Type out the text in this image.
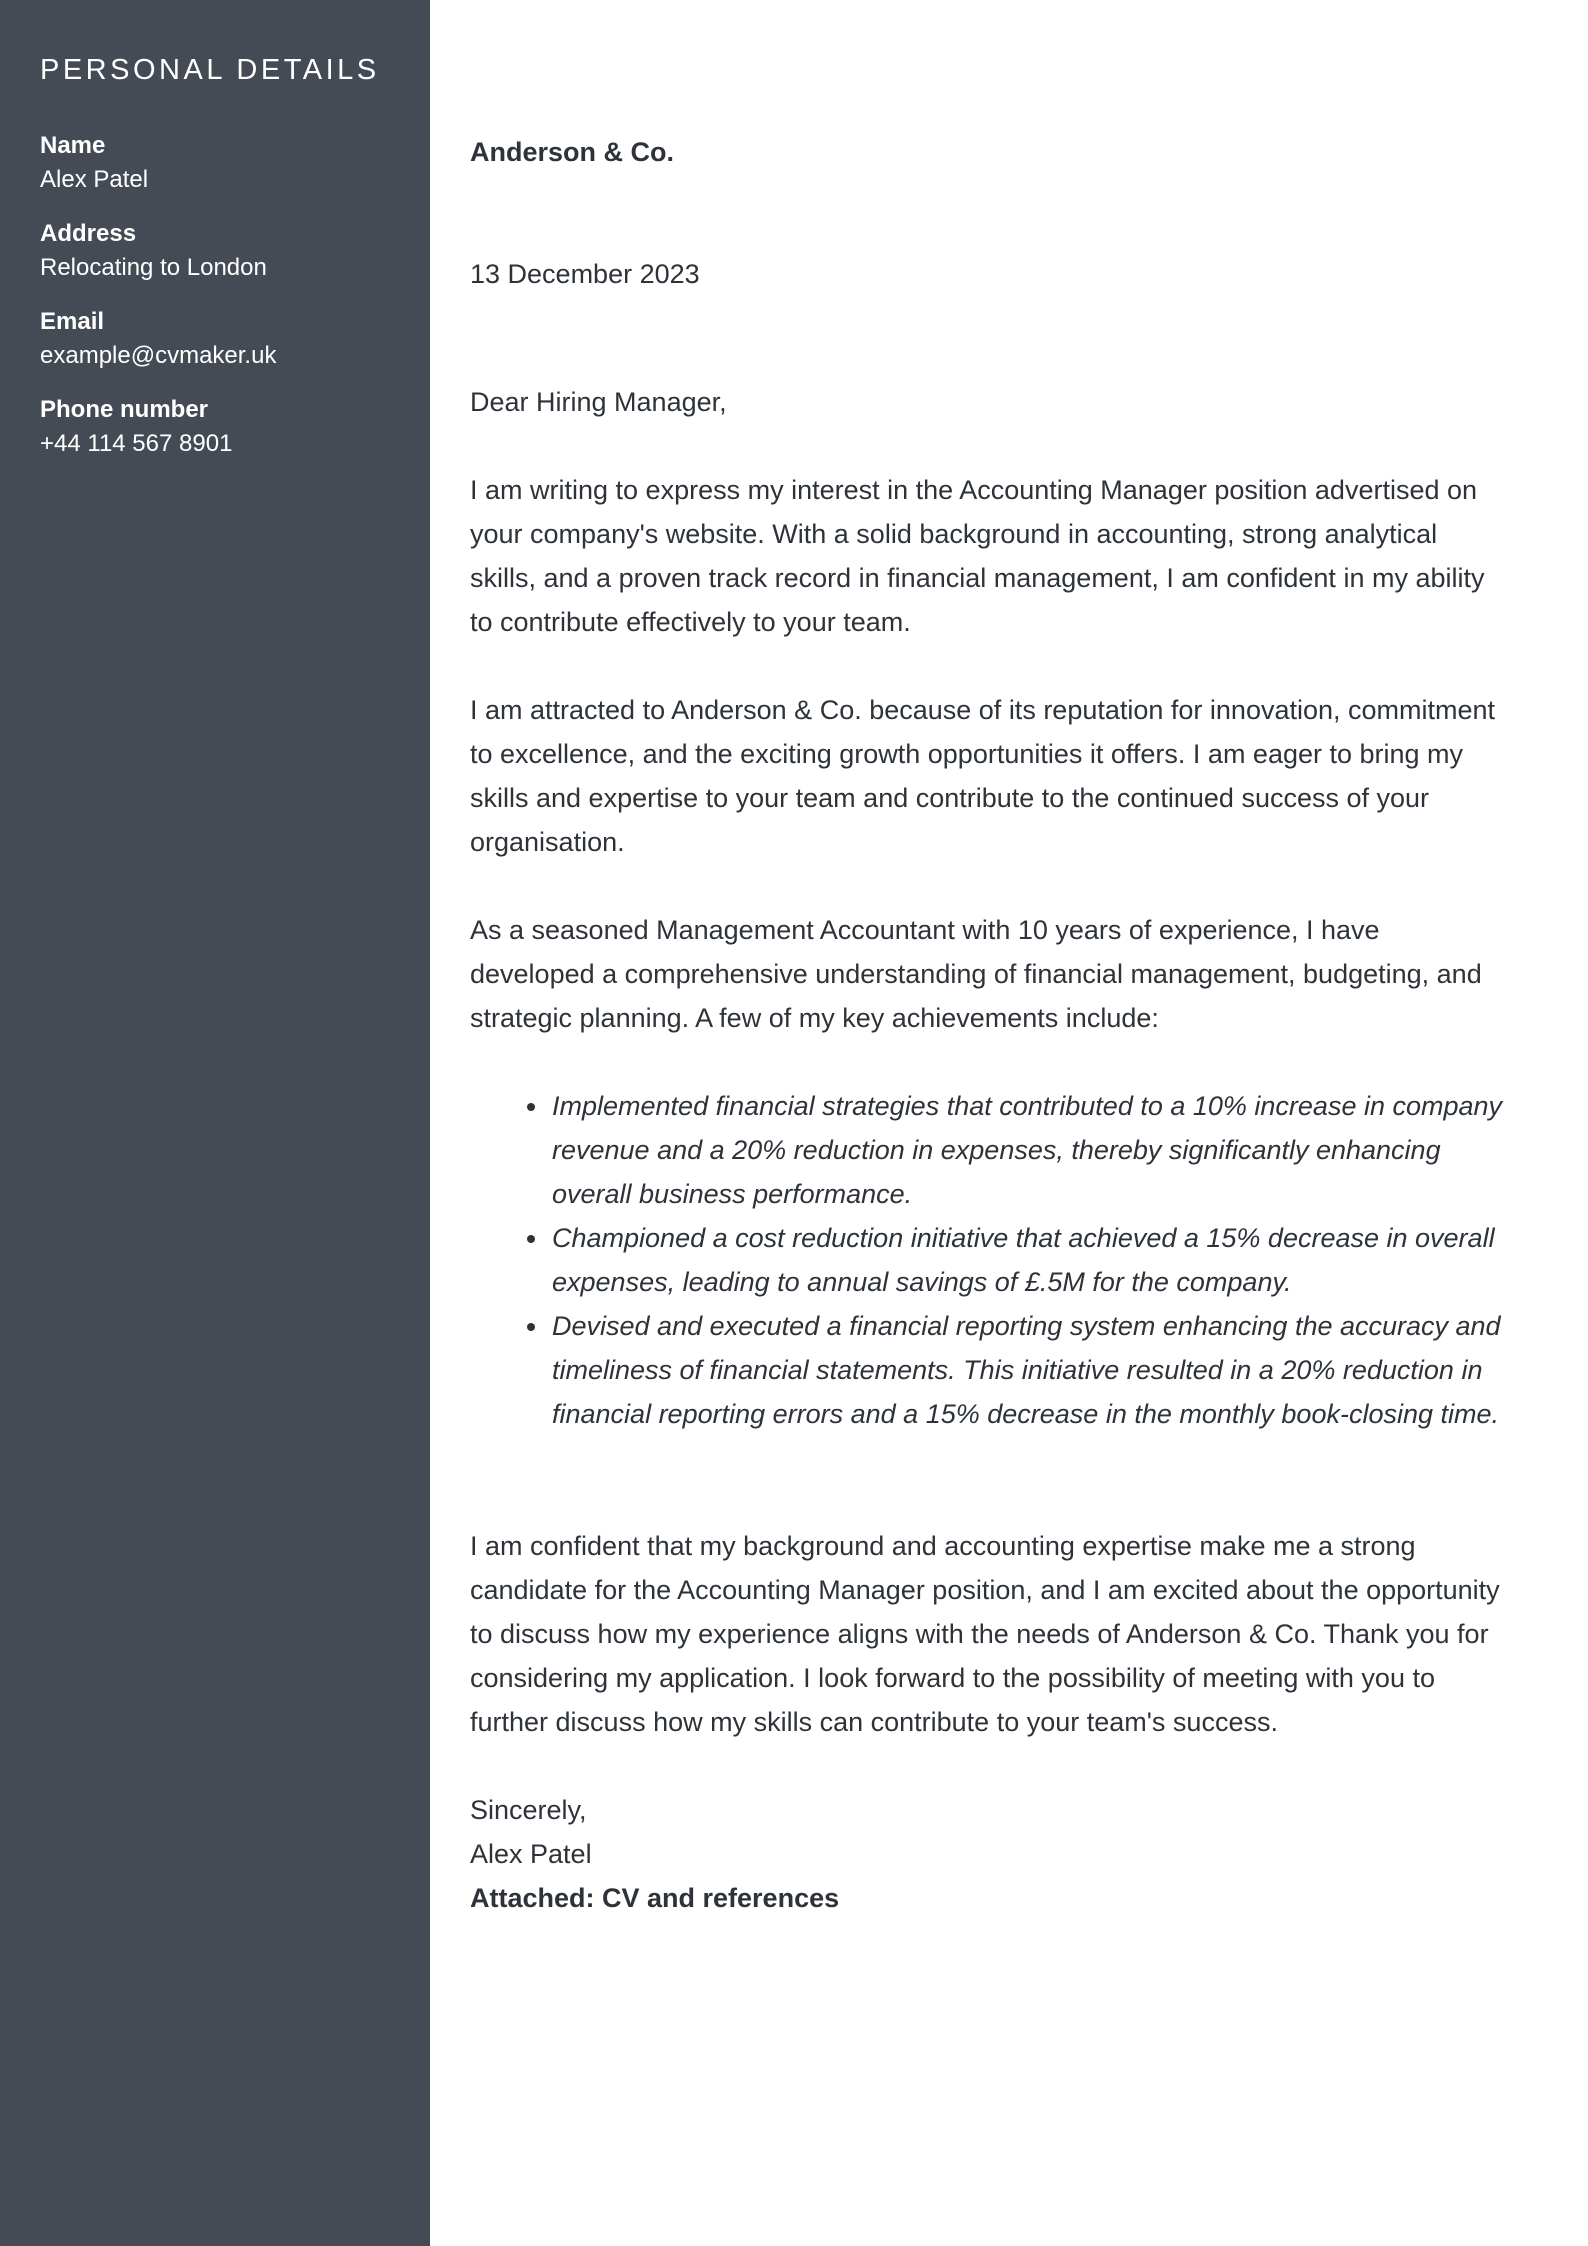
PERSONAL DETAILS
Name
Alex Patel
Address
Relocating to London
Email
example@cvmaker.uk
Phone number
+44 114 567 8901
Anderson & Co.
13 December 2023

Dear Hiring Manager,

I am writing to express my interest in the Accounting Manager position advertised on your company's website. With a solid background in accounting, strong analytical skills, and a proven track record in financial management, I am confident in my ability to contribute effectively to your team.

I am attracted to Anderson & Co. because of its reputation for innovation, commitment to excellence, and the exciting growth opportunities it offers. I am eager to bring my skills and expertise to your team and contribute to the continued success of your organisation.

As a seasoned Management Accountant with 10 years of experience, I have developed a comprehensive understanding of financial management, budgeting, and strategic planning. A few of my key achievements include:

• Implemented financial strategies that contributed to a 10% increase in company revenue and a 20% reduction in expenses, thereby significantly enhancing overall business performance.
• Championed a cost reduction initiative that achieved a 15% decrease in overall expenses, leading to annual savings of £.5M for the company.
• Devised and executed a financial reporting system enhancing the accuracy and timeliness of financial statements. This initiative resulted in a 20% reduction in financial reporting errors and a 15% decrease in the monthly book-closing time.

I am confident that my background and accounting expertise make me a strong candidate for the Accounting Manager position, and I am excited about the opportunity to discuss how my experience aligns with the needs of Anderson & Co. Thank you for considering my application. I look forward to the possibility of meeting with you to further discuss how my skills can contribute to your team's success.

Sincerely,
Alex Patel
Attached: CV and references
